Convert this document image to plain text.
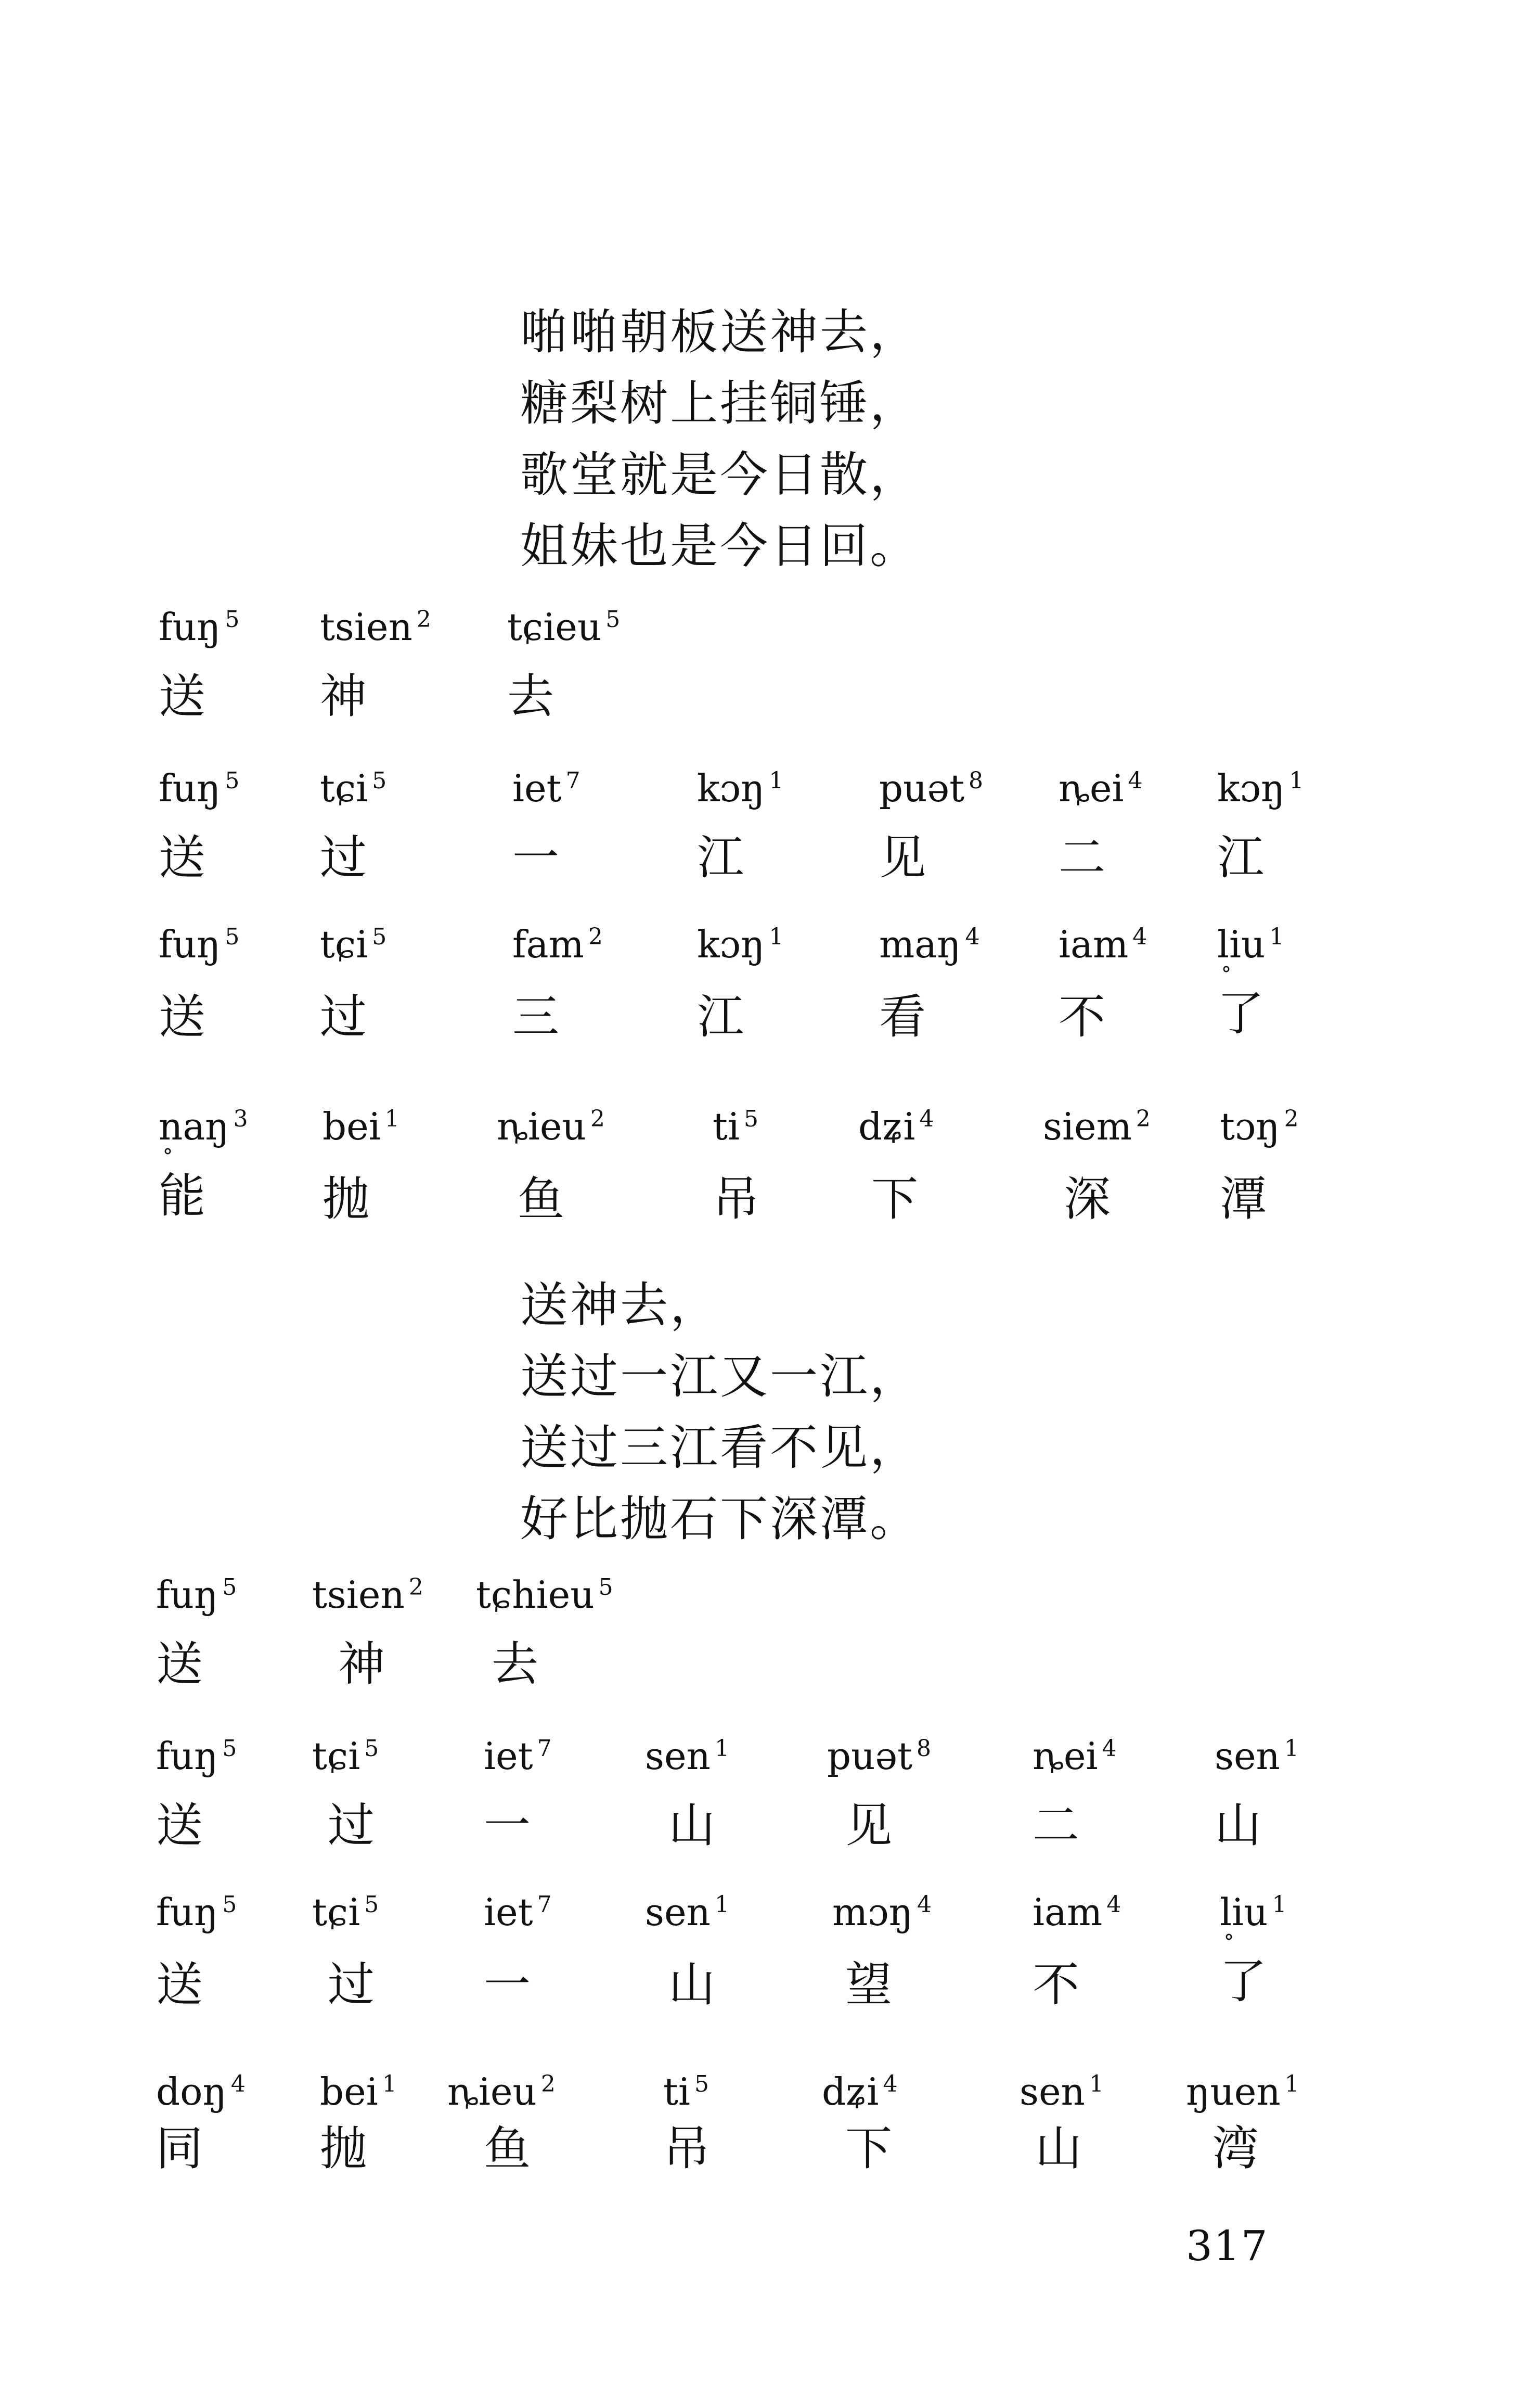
啪啪朝板送神去，
糖梨树上挂铜锤，
歌堂就是今日散，
姐妹也是今日回。
fuŋ $^5$
送
tsien $^2$
神
tɕieu $^5$
去
fuŋ $^5$
送
tɕi $^5$
过
iet $^7$
一
kɔŋ $^1$
江
puət $^8$
见
ȵei $^4$
二
kɔŋ $^1$
江
fuŋ $^5$
送
tɕi $^5$
过
fam $^2$
三
kɔŋ $^1$
江
maŋ $^4$
看
iam $^4$
不
liu $^1$
°
了
naŋ $^3$
°
能
bei $^1$
抛
ȵieu $^2$
鱼
ti $^5$
吊
dʑi $^4$
下
siem $^2$
深
tɔŋ $^2$
潭
送神去，
送过一江又一江，
送过三江看不见，
好比抛石下深潭。
fuŋ $^5$
送
tsien $^2$
神
tɕhieu $^5$
去
fuŋ $^5$
送
tɕi $^5$
过
iet $^7$
一
sen $^1$
山
puət $^8$
见
ȵei $^4$
二
sen $^1$
山
fuŋ $^5$
送
tɕi $^5$
过
iet $^7$
一
sen $^1$
山
mɔŋ $^4$
望
iam $^4$
不
liu $^1$
°
了
doŋ $^4$
同
bei $^1$
抛
ȵieu $^2$
鱼
ti $^5$
吊
dʑi $^4$
下
sen $^1$
山
ŋuen $^1$
湾
317
